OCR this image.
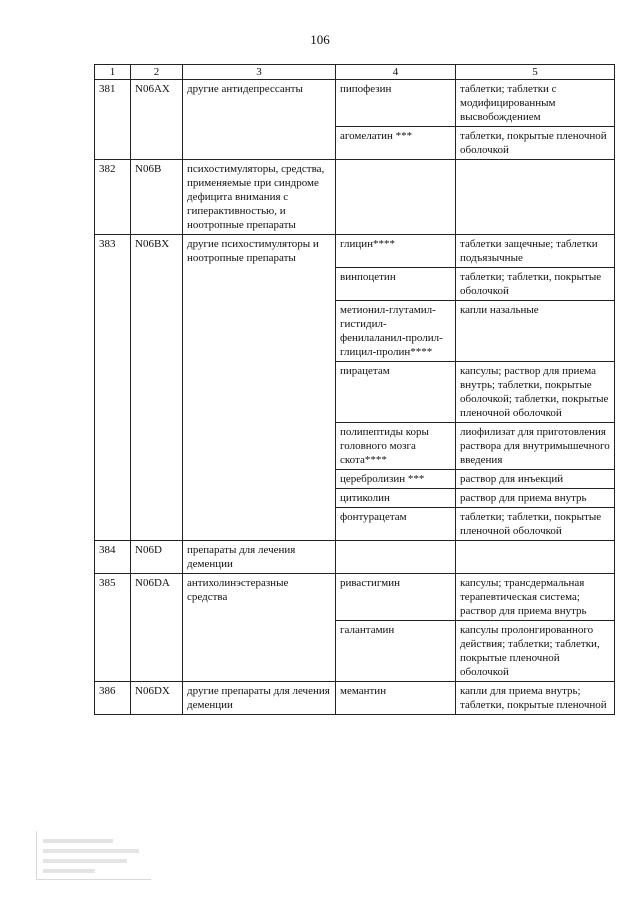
106
1	2	3	4	5
381	N06AX	другие антидепрессанты	пипофезин	таблетки; таблетки с модифицированным высвобождением
			агомелатин ***	таблетки, покрытые пленочной оболочкой
382	N06B	психостимуляторы, средства, применяемые при синдроме дефицита внимания с гиперактивностью, и ноотропные препараты		
383	N06BX	другие психостимуляторы и ноотропные препараты	глицин****	таблетки защечные; таблетки подъязычные
			винпоцетин	таблетки; таблетки, покрытые оболочкой
			метионил-глутамил-гистидил-фенилаланил-пролил-глицил-пролин****	капли назальные
			пирацетам	капсулы; раствор для приема внутрь; таблетки, покрытые оболочкой; таблетки, покрытые пленочной оболочкой
			полипептиды коры головного мозга скота****	лиофилизат для приготовления раствора для внутримышечного введения
			церебролизин ***	раствор для инъекций
			цитиколин	раствор для приема внутрь
			фонтурацетам	таблетки; таблетки, покрытые пленочной оболочкой
384	N06D	препараты для лечения деменции		
385	N06DA	антихолинэстеразные средства	ривастигмин	капсулы; трансдермальная терапевтическая система; раствор для приема внутрь
			галантамин	капсулы пролонгированного действия; таблетки; таблетки, покрытые пленочной оболочкой
386	N06DX	другие препараты для лечения деменции	мемантин	капли для приема внутрь; таблетки, покрытые пленочной
